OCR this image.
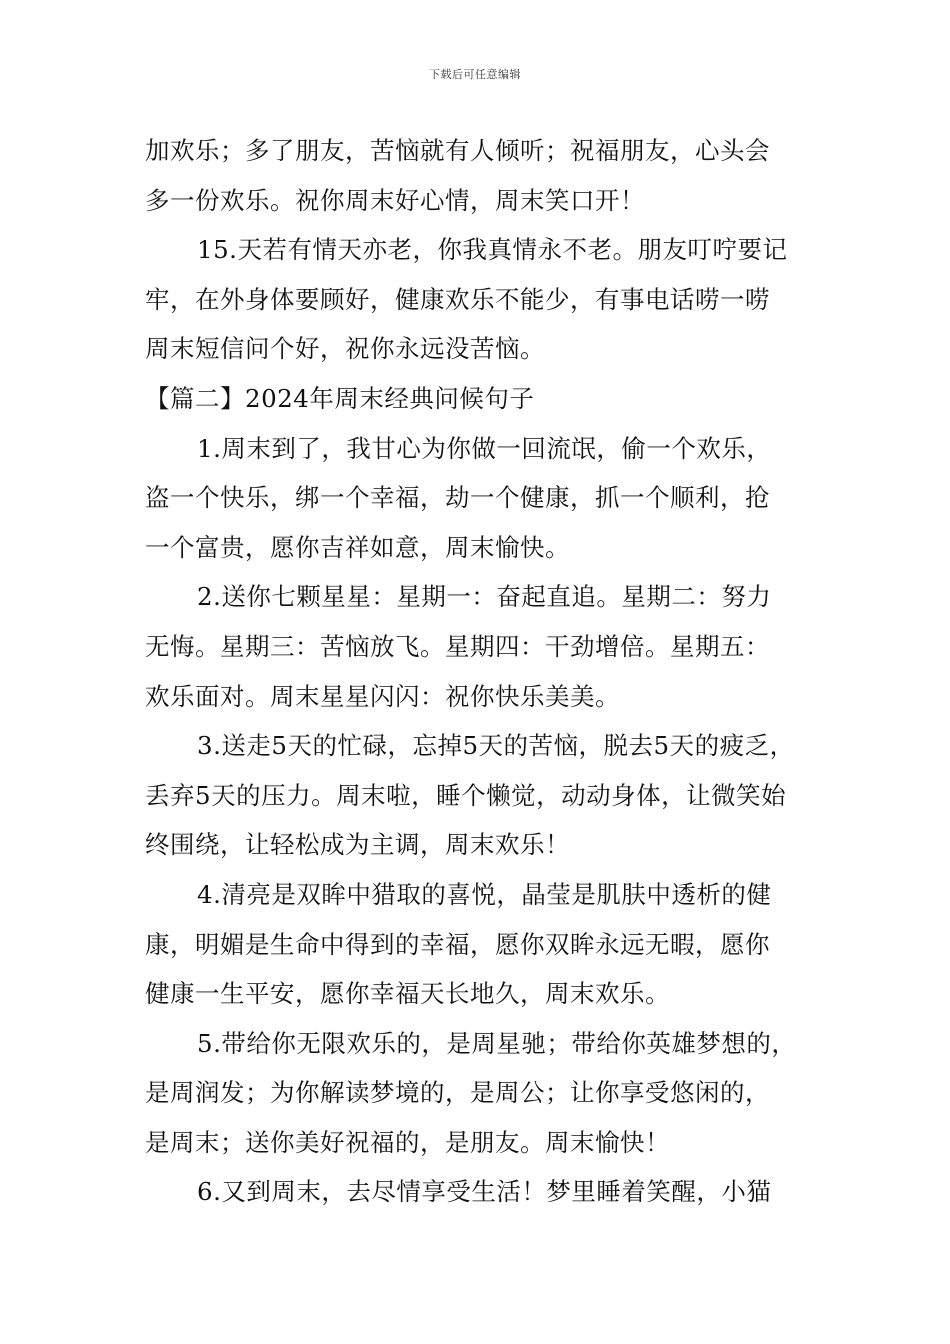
下载后可任意编辑
加欢乐；多了朋友，苦恼就有人倾听；祝福朋友，心头会
多一份欢乐。祝你周末好心情，周末笑口开！
15.天若有情天亦老，你我真情永不老。朋友叮咛要记
牢，在外身体要顾好，健康欢乐不能少，有事电话唠一唠
周末短信问个好，祝你永远没苦恼。
【篇二】2024年周末经典问候句子
1.周末到了，我甘心为你做一回流氓，偷一个欢乐，
盗一个快乐，绑一个幸福，劫一个健康，抓一个顺利，抢
一个富贵，愿你吉祥如意，周末愉快。
2.送你七颗星星：星期一：奋起直追。星期二：努力
无悔。星期三：苦恼放飞。星期四：干劲增倍。星期五：
欢乐面对。周末星星闪闪：祝你快乐美美。
3.送走5天的忙碌，忘掉5天的苦恼，脱去5天的疲乏，
丢弃5天的压力。周末啦，睡个懒觉，动动身体，让微笑始
终围绕，让轻松成为主调，周末欢乐！
4.清亮是双眸中猎取的喜悦，晶莹是肌肤中透析的健
康，明媚是生命中得到的幸福，愿你双眸永远无暇，愿你
健康一生平安，愿你幸福天长地久，周末欢乐。
5.带给你无限欢乐的，是周星驰；带给你英雄梦想的，
是周润发；为你解读梦境的，是周公；让你享受悠闲的，
是周末；送你美好祝福的，是朋友。周末愉快！
6.又到周末，去尽情享受生活！梦里睡着笑醒，小猫
